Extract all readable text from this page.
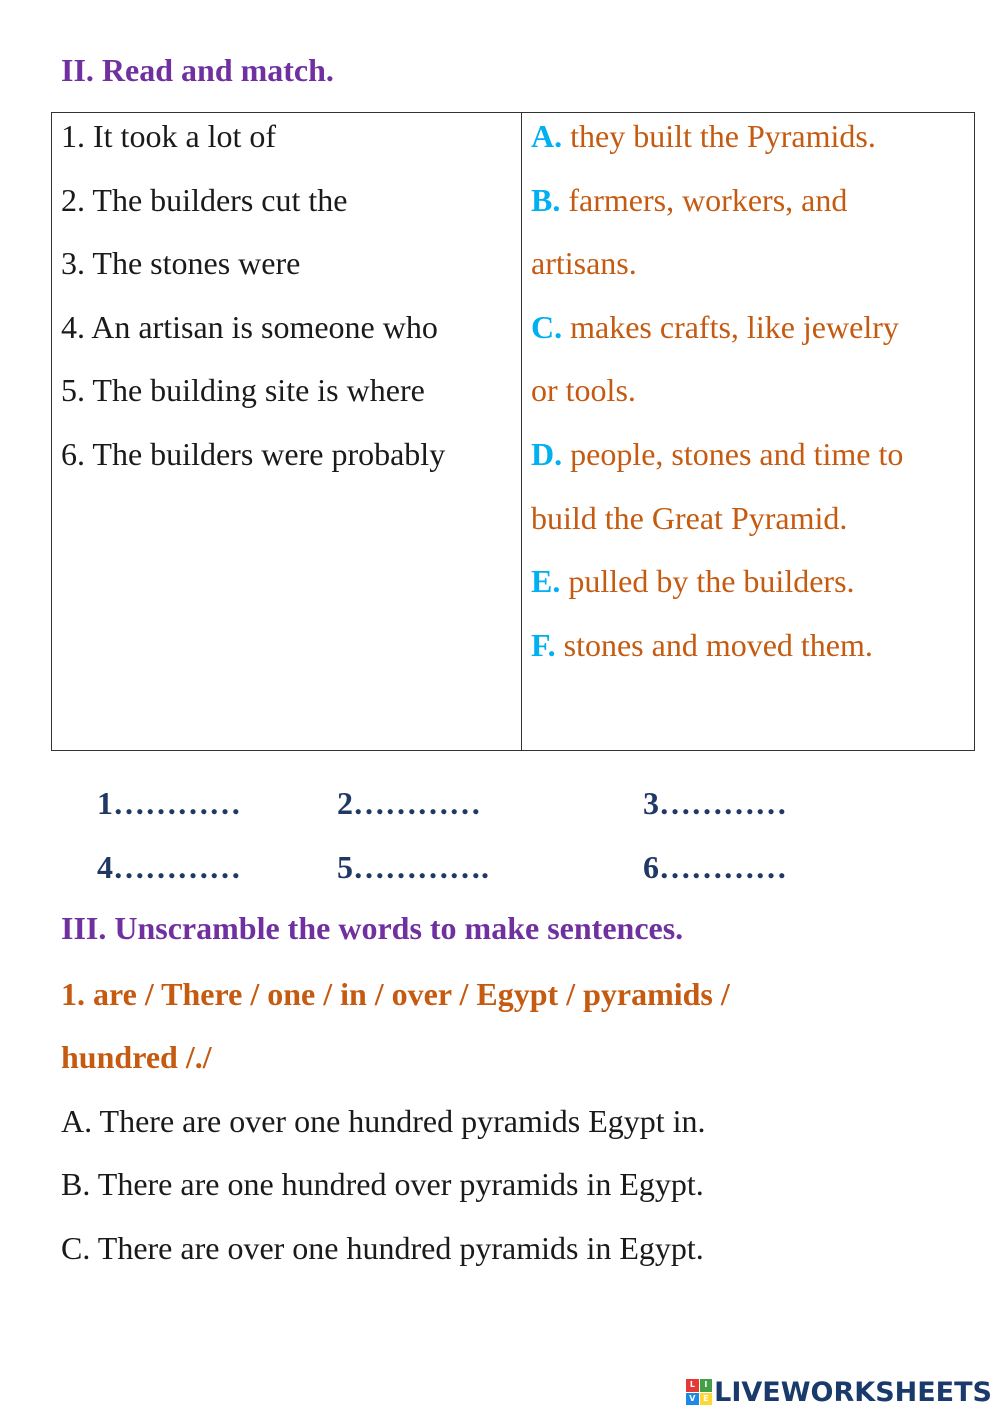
II. Read and match.
1. It took a lot of
2. The builders cut the
3. The stones were
4. An artisan is someone who
5. The building site is where
6. The builders were probably
A. they built the Pyramids.
B. farmers, workers, and
artisans.
C. makes crafts, like jewelry
or tools.
D. people, stones and time to
build the Great Pyramid.
E. pulled by the builders.
F. stones and moved them.
1…………	2…………	3…………
4…………	5………….	6…………
III. Unscramble the words to make sentences.
1. are / There / one / in / over / Egypt / pyramids /
hundred /./
A. There are over one hundred pyramids Egypt in.
B. There are one hundred over pyramids in Egypt.
C. There are over one hundred pyramids in Egypt.
L	I
V E LIVEWORKSHEETS
